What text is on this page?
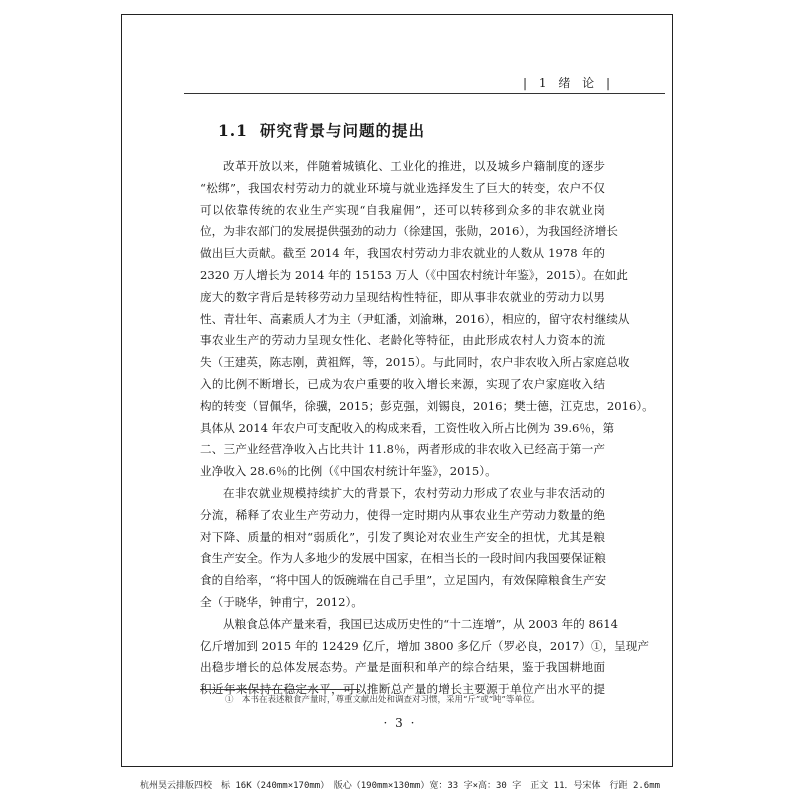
| 1 绪 论 |
1.1 研究背景与问题的提出
改革开放以来，伴随着城镇化、工业化的推进，以及城乡户籍制度的逐步
“松绑”，我国农村劳动力的就业环境与就业选择发生了巨大的转变，农户不仅
可以依靠传统的农业生产实现“自我雇佣”，还可以转移到众多的非农就业岗
位，为非农部门的发展提供强劲的动力（徐建国，张勋，2016），为我国经济增长
做出巨大贡献。截至 2014 年，我国农村劳动力非农就业的人数从 1978 年的
2320 万人增长为 2014 年的 15153 万人（《中国农村统计年鉴》，2015）。在如此
庞大的数字背后是转移劳动力呈现结构性特征，即从事非农就业的劳动力以男
性、青壮年、高素质人才为主（尹虹潘，刘渝琳，2016），相应的，留守农村继续从
事农业生产的劳动力呈现女性化、老龄化等特征，由此形成农村人力资本的流
失（王建英，陈志刚，黄祖辉，等，2015）。与此同时，农户非农收入所占家庭总收
入的比例不断增长，已成为农户重要的收入增长来源，实现了农户家庭收入结
构的转变（冒佩华，徐骥，2015；彭克强，刘锡良，2016；樊士德，江克忠，2016）。
具体从 2014 年农户可支配收入的构成来看，工资性收入所占比例为 39.6％，第
二、三产业经营净收入占比共计 11.8％，两者形成的非农收入已经高于第一产
业净收入 28.6％的比例（《中国农村统计年鉴》，2015）。
在非农就业规模持续扩大的背景下，农村劳动力形成了农业与非农活动的
分流，稀释了农业生产劳动力，使得一定时期内从事农业生产劳动力数量的绝
对下降、质量的相对“弱质化”，引发了舆论对农业生产安全的担忧，尤其是粮
食生产安全。作为人多地少的发展中国家，在相当长的一段时间内我国要保证粮
食的自给率，“将中国人的饭碗端在自己手里”，立足国内，有效保障粮食生产安
全（于晓华，钟甫宁，2012）。
从粮食总体产量来看，我国已达成历史性的“十二连增”，从 2003 年的 8614
亿斤增加到 2015 年的 12429 亿斤，增加 3800 多亿斤（罗必良，2017）①，呈现产
出稳步增长的总体发展态势。产量是面积和单产的综合结果，鉴于我国耕地面
积近年来保持在稳定水平，可以推断总产量的增长主要源于单位产出水平的提
①　本书在表述粮食产量时，尊重文献出处和调查对习惯，采用“斤”或“吨”等单位。
· 3 ·
杭州昊云排版四校　标 16K（240mm×170mm）　版心（190mm×130mm）宽：33 字×高：30 字　正文 11．号宋体　行距 2.6mm
